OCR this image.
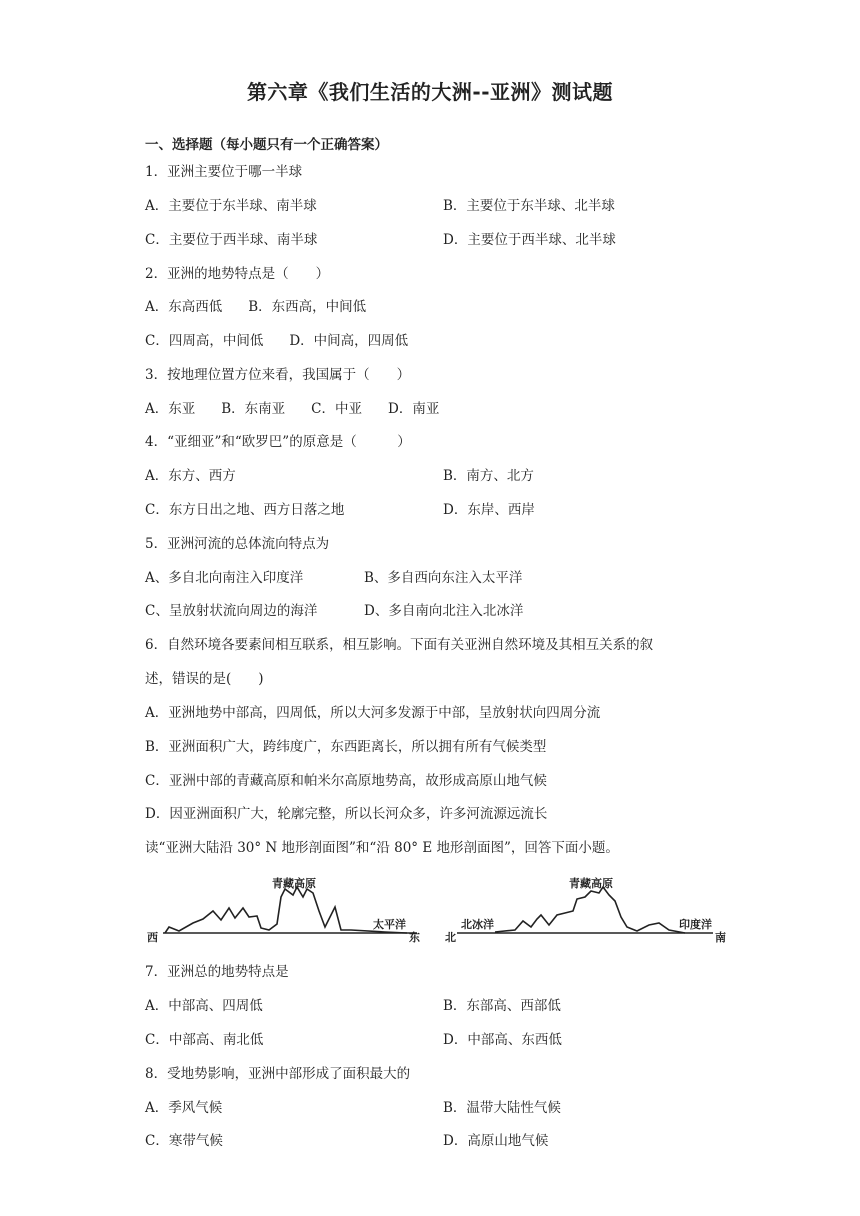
第六章《我们生活的大洲--亚洲》测试题
一、选择题（每小题只有一个正确答案）
1．亚洲主要位于哪一半球
A．主要位于东半球、南半球	B．主要位于东半球、北半球
C．主要位于西半球、南半球	D．主要位于西半球、北半球
2．亚洲的地势特点是（　　）
A．东高西低 B．东西高，中间低
C．四周高，中间低 D．中间高，四周低
3．按地理位置方位来看，我国属于（　　）
A．东亚 B．东南亚 C．中亚 D．南亚
4．“亚细亚”和“欧罗巴”的原意是（　　　）
A．东方、西方	B．南方、北方
C．东方日出之地、西方日落之地	D．东岸、西岸
5．亚洲河流的总体流向特点为
A、多自北向南注入印度洋	B、多自西向东注入太平洋
C、呈放射状流向周边的海洋	D、多自南向北注入北冰洋
6．自然环境各要素间相互联系，相互影响。下面有关亚洲自然环境及其相互关系的叙
述，错误的是(　　)
A．亚洲地势中部高，四周低，所以大河多发源于中部，呈放射状向四周分流
B．亚洲面积广大，跨纬度广，东西距离长，所以拥有所有气候类型
C．亚洲中部的青藏高原和帕米尔高原地势高，故形成高原山地气候
D．因亚洲面积广大，轮廓完整，所以长河众多，许多河流源远流长
读“亚洲大陆沿 30° N 地形剖面图”和“沿 80° E 地形剖面图”，回答下面小题。
西	东
青藏高原
太平洋
北	南
青藏高原
北冰洋	印度洋
7．亚洲总的地势特点是
A．中部高、四周低	B．东部高、西部低
C．中部高、南北低	D．中部高、东西低
8．受地势影响，亚洲中部形成了面积最大的
A．季风气候	B．温带大陆性气候
C．寒带气候	D．高原山地气候
